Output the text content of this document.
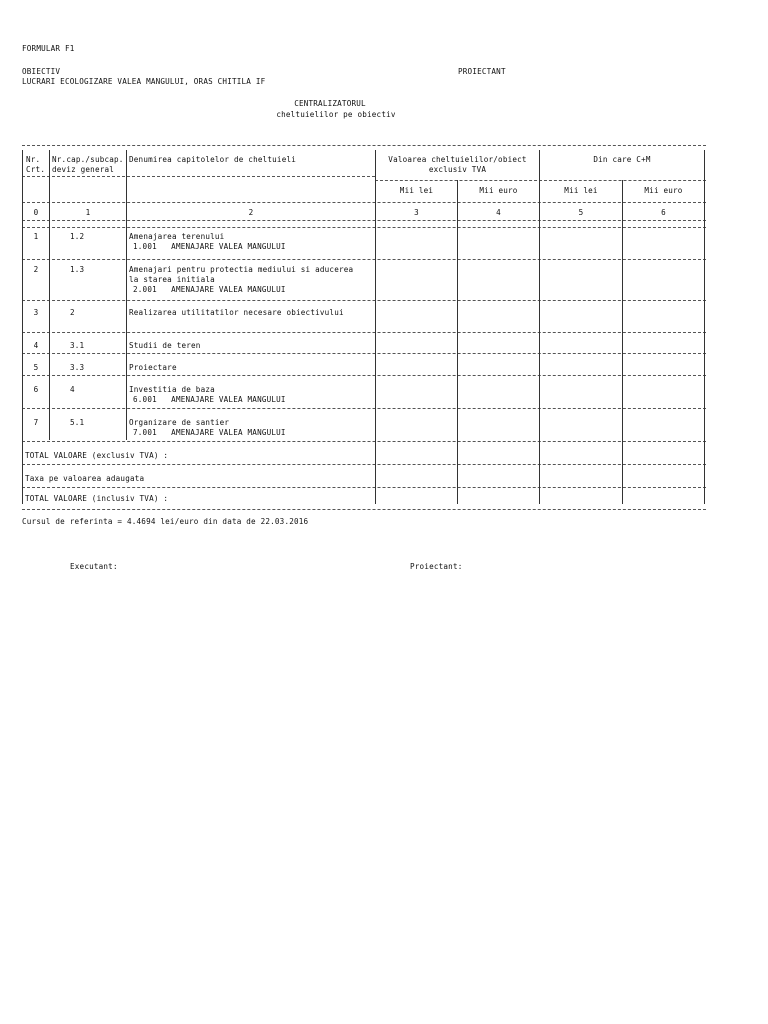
FORMULAR F1
OBIECTIV
LUCRARI ECOLOGIZARE VALEA MANGULUI, ORAS CHITILA IF
PROIECTANT
CENTRALIZATORUL
cheltuielilor pe obiectiv
Nr.
Crt.
Nr.cap./subcap.
deviz general
Denumirea capitolelor de cheltuieli	Valoarea cheltuielilor/obiect
exclusiv TVA
Din care C+M
Mii lei	Mii euro	Mii lei	Mii euro
0	1	2	3	4	5	6
1	1.2	Amenajarea terenului
1.001   AMENAJARE VALEA MANGULUI
2	1.3	Amenajari pentru protectia mediului si aducerea
la starea initiala
2.001   AMENAJARE VALEA MANGULUI
3	2	Realizarea utilitatilor necesare obiectivului
4	3.1	Studii de teren
5	3.3	Proiectare
6	4	Investitia de baza
6.001   AMENAJARE VALEA MANGULUI
7	5.1	Organizare de santier
7.001   AMENAJARE VALEA MANGULUI
TOTAL VALOARE (exclusiv TVA) :
Taxa pe valoarea adaugata
TOTAL VALOARE (inclusiv TVA) :
Cursul de referinta = 4.4694 lei/euro din data de 22.03.2016
Executant:	Proiectant:
